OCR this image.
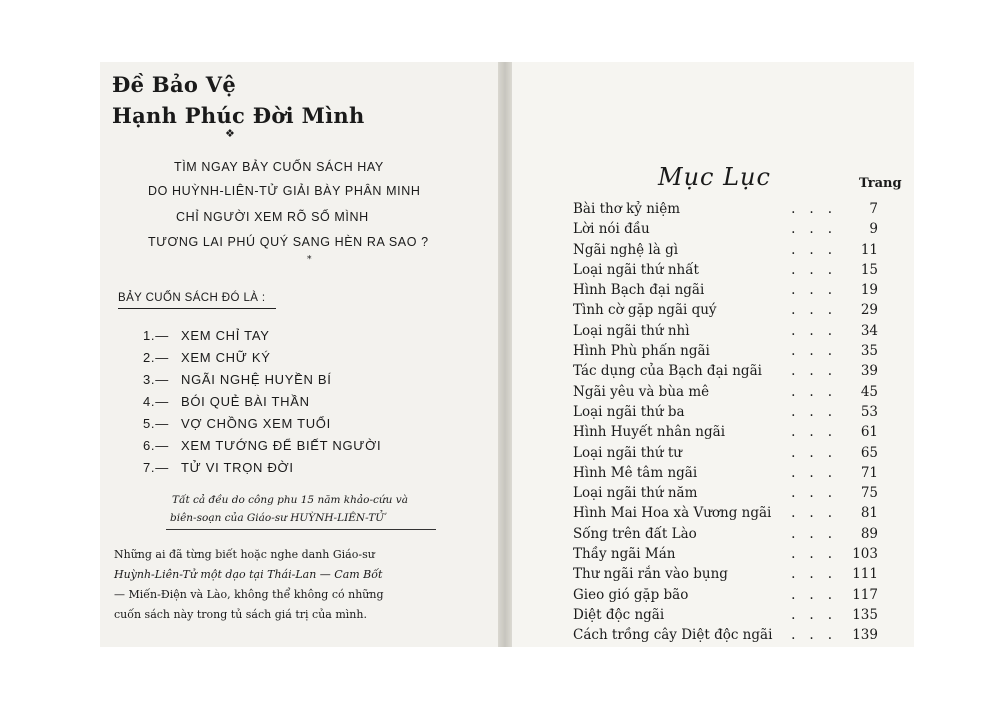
Đề Bảo Vệ
Hạnh Phúc Đời Mình
❖
TÌM NGAY BẢY CUỐN SÁCH HAY
DO HUỲNH-LIÊN-TỬ GIẢI BÀY PHÂN MINH
CHỈ NGƯỜI XEM RÕ SỐ MÌNH
TƯƠNG LAI PHÚ QUÝ SANG HÈN RA SAO ?
*
BẢY CUỐN SÁCH ĐÓ LÀ :
1.— XEM CHỈ TAY
2.— XEM CHỮ KÝ
3.— NGÃI NGHỆ HUYỀN BÍ
4.— BÓI QUẺ BÀI THẦN
5.— VỢ CHỒNG XEM TUỔI
6.— XEM TƯỚNG ĐỂ BIẾT NGƯỜI
7.— TỬ VI TRỌN ĐỜI
Tất cả đều do công phu 15 năm khảo-cứu và
biên-soạn của Giáo-sư HUỲNH-LIÊN-TỬ

Những ai đã từng biết hoặc nghe danh Giáo-sư

Huỳnh-Liên-Tử một dạo tại Thái-Lan — Cam Bốt

— Miến-Điện và Lào, không thể không có những

cuốn sách này trong tủ sách giá trị của mình.

Mục Lục	Trang
Bài thơ kỷ niệm	...	7
Lời nói đầu	...	9
Ngãi nghệ là gì	...	11
Loại ngãi thứ nhất	...	15
Hình Bạch đại ngãi	...	19
Tình cờ gặp ngãi quý	...	29
Loại ngãi thứ nhì	...	34
Hình Phù phấn ngãi	...	35
Tác dụng của Bạch đại ngãi ...	39
Ngãi yêu và bùa mê	...	45
Loại ngãi thứ ba	...	53
Hình Huyết nhân ngãi	...	61
Loại ngãi thứ tư	...	65
Hình Mê tâm ngãi	...	71
Loại ngãi thứ năm	...	75
Hình Mai Hoa xà Vương ngãi ...	81
Sống trên đất Lào	...	89
Thầy ngãi Mán	... 103
Thư ngãi rắn vào bụng	... 111
Gieo gió gặp bão	... 117
Diệt độc ngãi	... 135
Cách trồng cây Diệt độc ngãi ... 139
